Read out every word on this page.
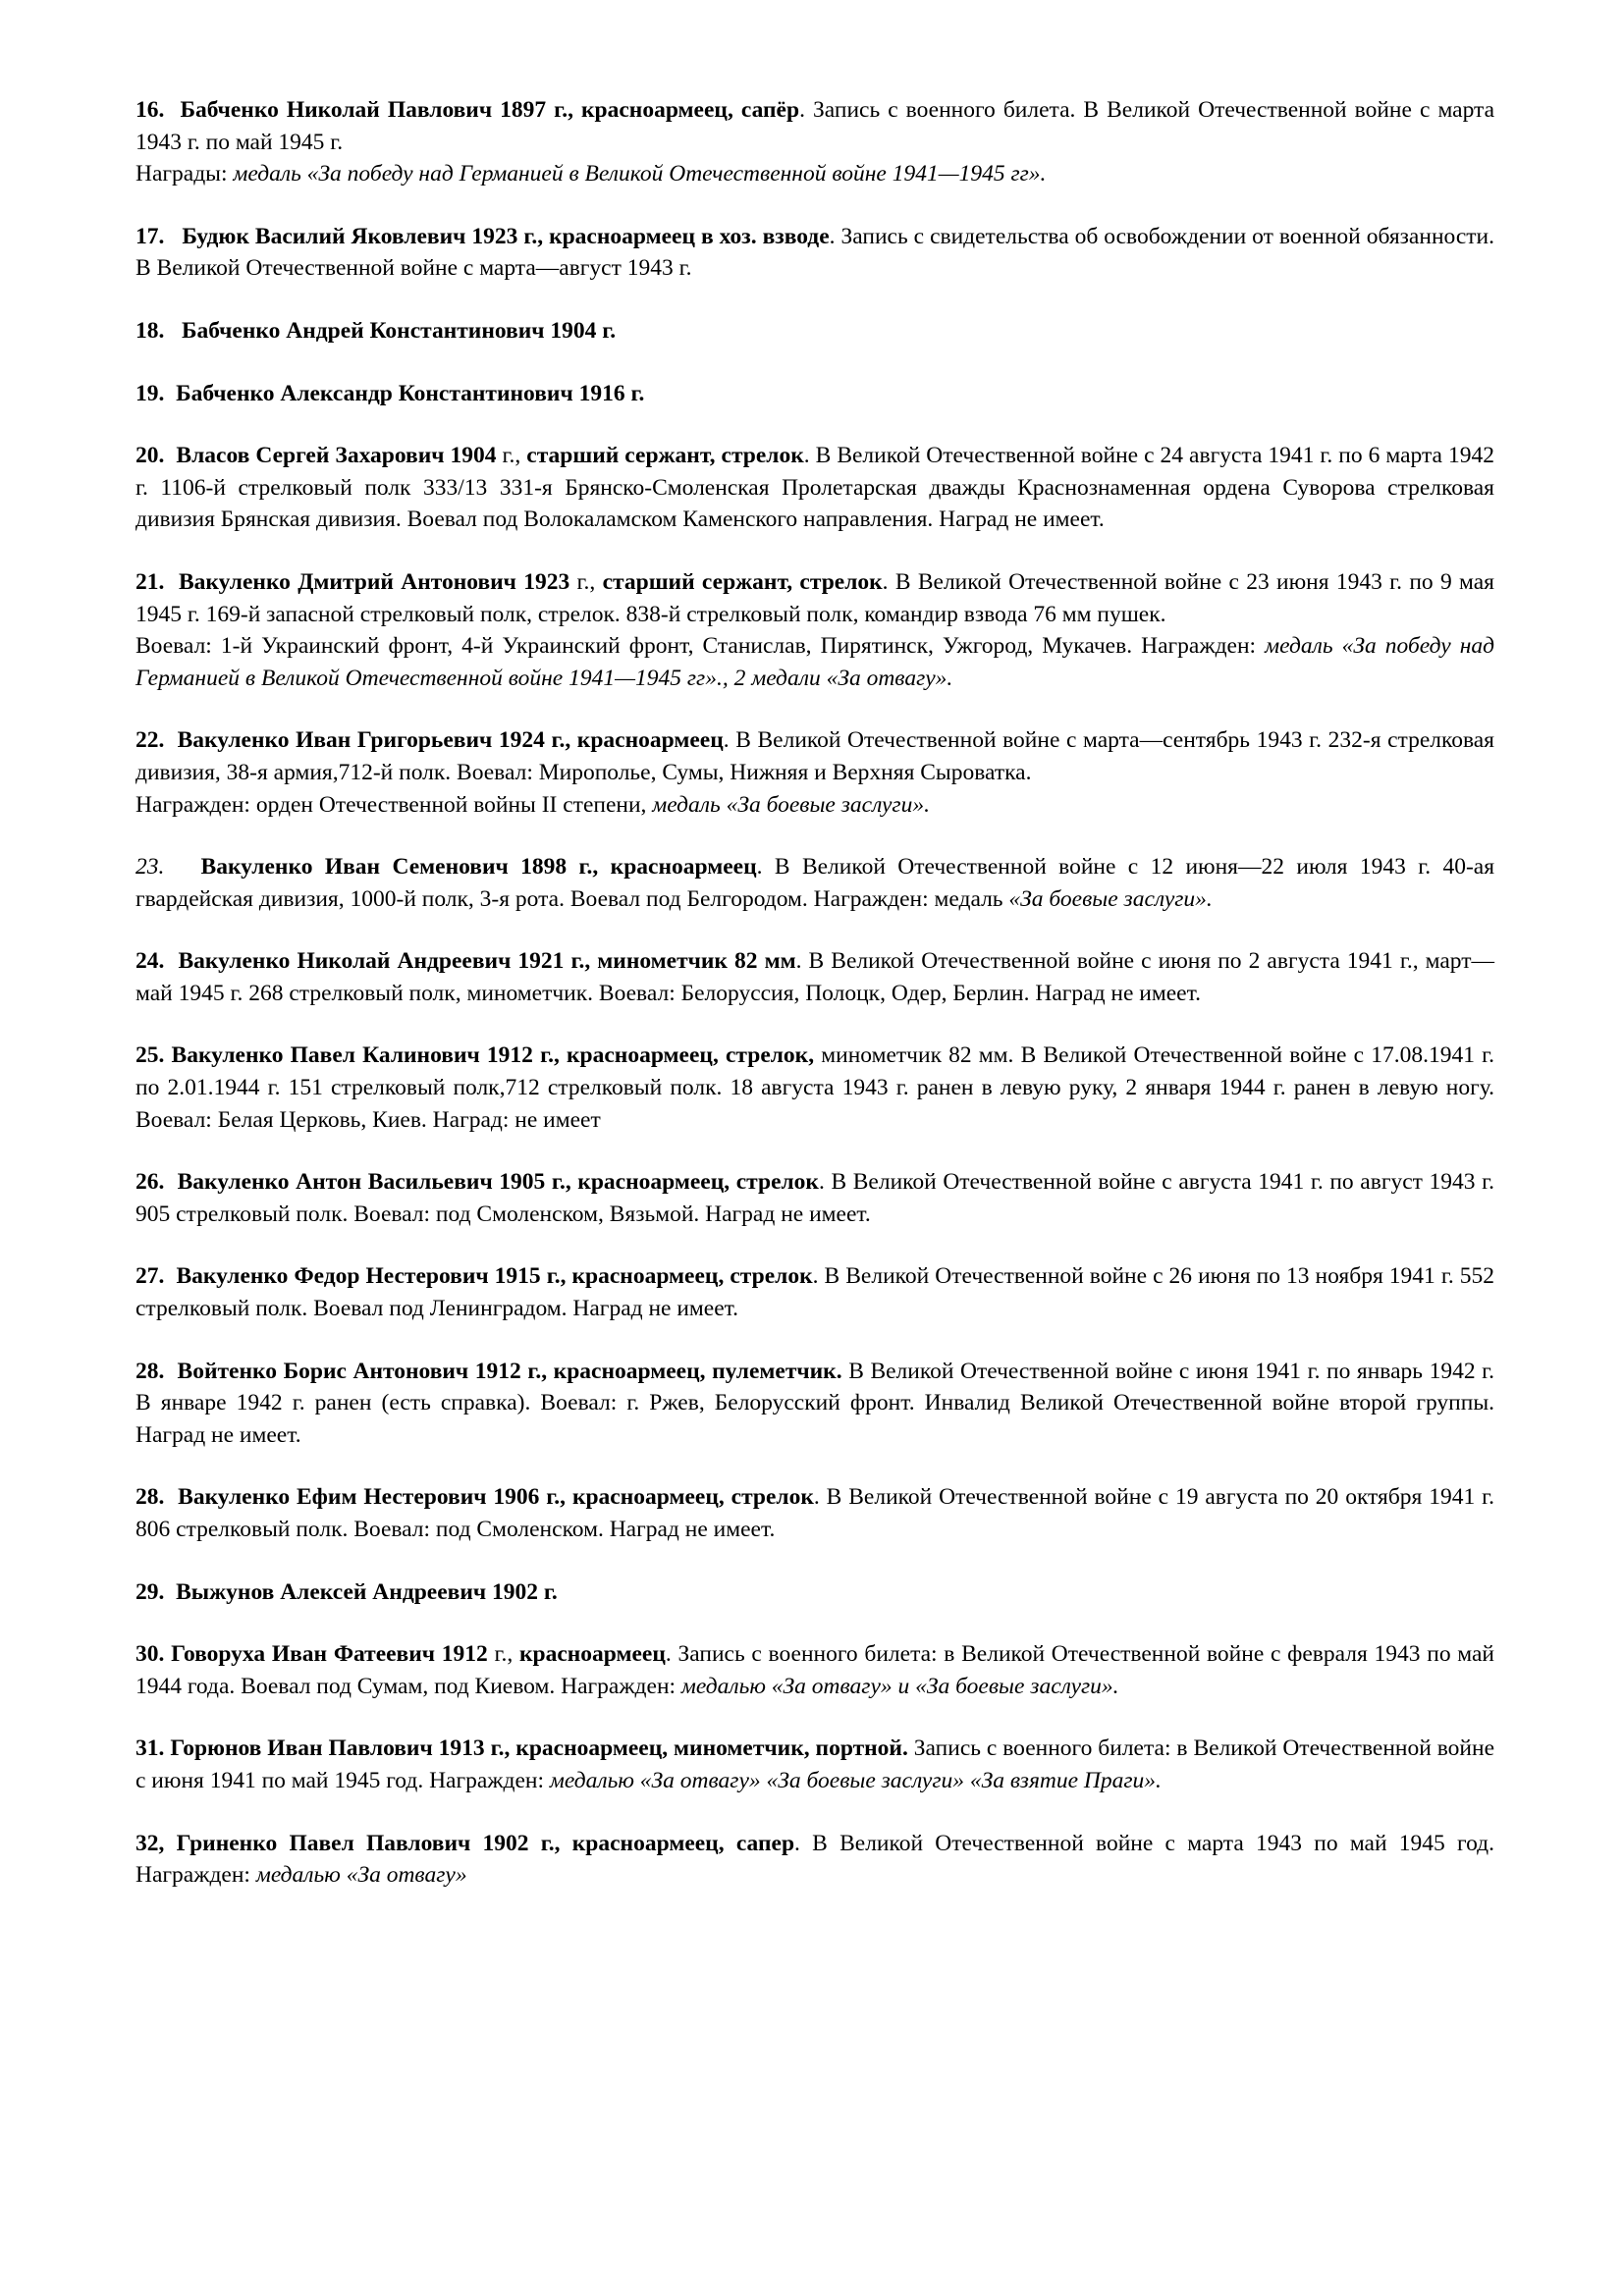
16. Бабченко Николай Павлович 1897 г., красноармеец, сапёр. Запись с военного билета. В Великой Отечественной войне с марта 1943 г. по май 1945 г.

Награды: медаль «За победу над Германией в Великой Отечественной войне 1941—1945 гг».

17. Будюк Василий Яковлевич 1923 г., красноармеец в хоз. взводе. Запись с свидетельства об освобождении от военной обязанности. В Великой Отечественной войне с марта—август 1943 г.

18. Бабченко Андрей Константинович 1904 г.

19. Бабченко Александр Константинович 1916 г.

20. Власов Сергей Захарович 1904 г., старший сержант, стрелок. В Великой Отечественной войне с 24 августа 1941 г. по 6 марта 1942 г. 1106-й стрелковый полк 333/13 331-я Брянско-Смоленская Пролетарская дважды Краснознаменная ордена Суворова стрелковая дивизия Брянская дивизия. Воевал под Волокаламском Каменского направления. Наград не имеет.

21. Вакуленко Дмитрий Антонович 1923 г., старший сержант, стрелок. В Великой Отечественной войне с 23 июня 1943 г. по 9 мая 1945 г. 169-й запасной стрелковый полк, стрелок. 838-й стрелковый полк, командир взвода 76 мм пушек.

Воевал: 1-й Украинский фронт, 4-й Украинский фронт, Станислав, Пирятинск, Ужгород, Мукачев. Награжден: медаль «За победу над Германией в Великой Отечественной войне 1941—1945 гг»., 2 медали «За отвагу».

22. Вакуленко Иван Григорьевич 1924 г., красноармеец. В Великой Отечественной войне с марта—сентябрь 1943 г. 232-я стрелковая дивизия, 38-я армия,712-й полк. Воевал: Мирополье, Сумы, Нижняя и Верхняя Сыроватка.

Награжден: орден Отечественной войны II степени, медаль «За боевые заслуги».

23. Вакуленко Иван Семенович 1898 г., красноармеец. В Великой Отечественной войне с 12 июня—22 июля 1943 г. 40-ая гвардейская дивизия, 1000-й полк, 3-я рота. Воевал под Белгородом. Награжден: медаль «За боевые заслуги».

24. Вакуленко Николай Андреевич 1921 г., минометчик 82 мм. В Великой Отечественной войне с июня по 2 августа 1941 г., март—май 1945 г. 268 стрелковый полк, минометчик. Воевал: Белоруссия, Полоцк, Одер, Берлин. Наград не имеет.

25. Вакуленко Павел Калинович 1912 г., красноармеец, стрелок, минометчик 82 мм. В Великой Отечественной войне с 17.08.1941 г. по 2.01.1944 г. 151 стрелковый полк,712 стрелковый полк. 18 августа 1943 г. ранен в левую руку, 2 января 1944 г. ранен в левую ногу. Воевал: Белая Церковь, Киев. Наград: не имеет

26. Вакуленко Антон Васильевич 1905 г., красноармеец, стрелок. В Великой Отечественной войне с августа 1941 г. по август 1943 г. 905 стрелковый полк. Воевал: под Смоленском, Вязьмой. Наград не имеет.

27. Вакуленко Федор Нестерович 1915 г., красноармеец, стрелок. В Великой Отечественной войне с 26 июня по 13 ноября 1941 г. 552 стрелковый полк. Воевал под Ленинградом. Наград не имеет.

28. Войтенко Борис Антонович 1912 г., красноармеец, пулеметчик. В Великой Отечественной войне с июня 1941 г. по январь 1942 г. В январе 1942 г. ранен (есть справка). Воевал: г. Ржев, Белорусский фронт. Инвалид Великой Отечественной войне второй группы. Наград не имеет.

28. Вакуленко Ефим Нестерович 1906 г., красноармеец, стрелок. В Великой Отечественной войне с 19 августа по 20 октября 1941 г. 806 стрелковый полк. Воевал: под Смоленском. Наград не имеет.

29. Выжунов Алексей Андреевич 1902 г.

30. Говоруха Иван Фатеевич 1912 г., красноармеец. Запись с военного билета: в Великой Отечественной войне с февраля 1943 по май 1944 года. Воевал под Сумам, под Киевом. Награжден: медалью «За отвагу» и «За боевые заслуги».

31. Горюнов Иван Павлович 1913 г., красноармеец, минометчик, портной. Запись с военного билета: в Великой Отечественной войне с июня 1941 по май 1945 год. Награжден: медалью «За отвагу» «За боевые заслуги» «За взятие Праги».

32, Гриненко Павел Павлович 1902 г., красноармеец, сапер. В Великой Отечественной войне с марта 1943 по май 1945 год. Награжден: медалью «За отвагу»
